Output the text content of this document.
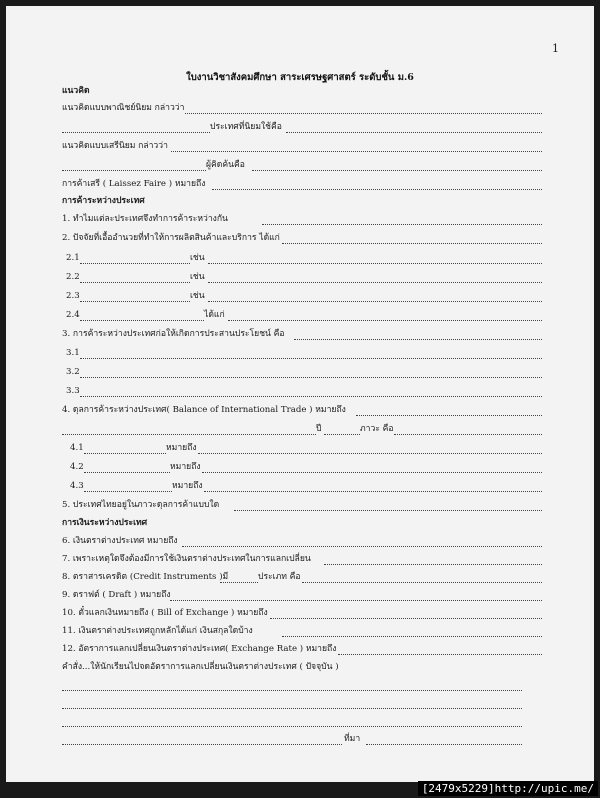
1
ใบงานวิชาสังคมศึกษา สาระเศรษฐศาสตร์ ระดับชั้น ม.6
แนวคิด
แนวคิดแบบพาณิชย์นิยม กล่าวว่า
ประเทศที่นิยมใช้คือ
แนวคิดแบบเสรีนิยม กล่าวว่า
ผู้คิดค้นคือ
การค้าเสรี ( Laissez Faire ) หมายถึง
การค้าระหว่างประเทศ
1. ทำไมแต่ละประเทศจึงทำการค้าระหว่างกัน
2. ปัจจัยที่เอื้ออำนวยที่ทำให้การผลิตสินค้าและบริการ ได้แก่
2.1	เช่น
2.2	เช่น
2.3	เช่น
2.4	ได้แก่
3. การค้าระหว่างประเทศก่อให้เกิดการประสานประโยชน์ คือ
3.1
3.2
3.3
4. ดุลการค้าระหว่างประเทศ( Balance of International Trade ) หมายถึง
ปี	ภาวะ คือ
4.1	หมายถึง
4.2	หมายถึง
4.3	หมายถึง
5. ประเทศไทยอยู่ในภาวะดุลการค้าแบบใด
การเงินระหว่างประเทศ
6. เงินตราต่างประเทศ หมายถึง
7. เพราะเหตุใดจึงต้องมีการใช้เงินตราต่างประเทศในการแลกเปลี่ยน
8. ตราสารเครดิต (Credit Instruments )มี	ประเภท คือ
9. ดราฟต์ ( Draft ) หมายถึง
10. ตั๋วแลกเงินหมายถึง ( Bill of Exchange ) หมายถึง
11. เงินตราต่างประเทศถูกหลักได้แก่ เงินสกุลใดบ้าง
12. อัตราการแลกเปลี่ยนเงินตราต่างประเทศ( Exchange Rate ) หมายถึง
คำสั่ง...ให้นักเรียนไปจดอัตราการแลกเปลี่ยนเงินตราต่างประเทศ ( ปัจจุบัน )
ที่มา
[2479x5229]http://upic.me/
